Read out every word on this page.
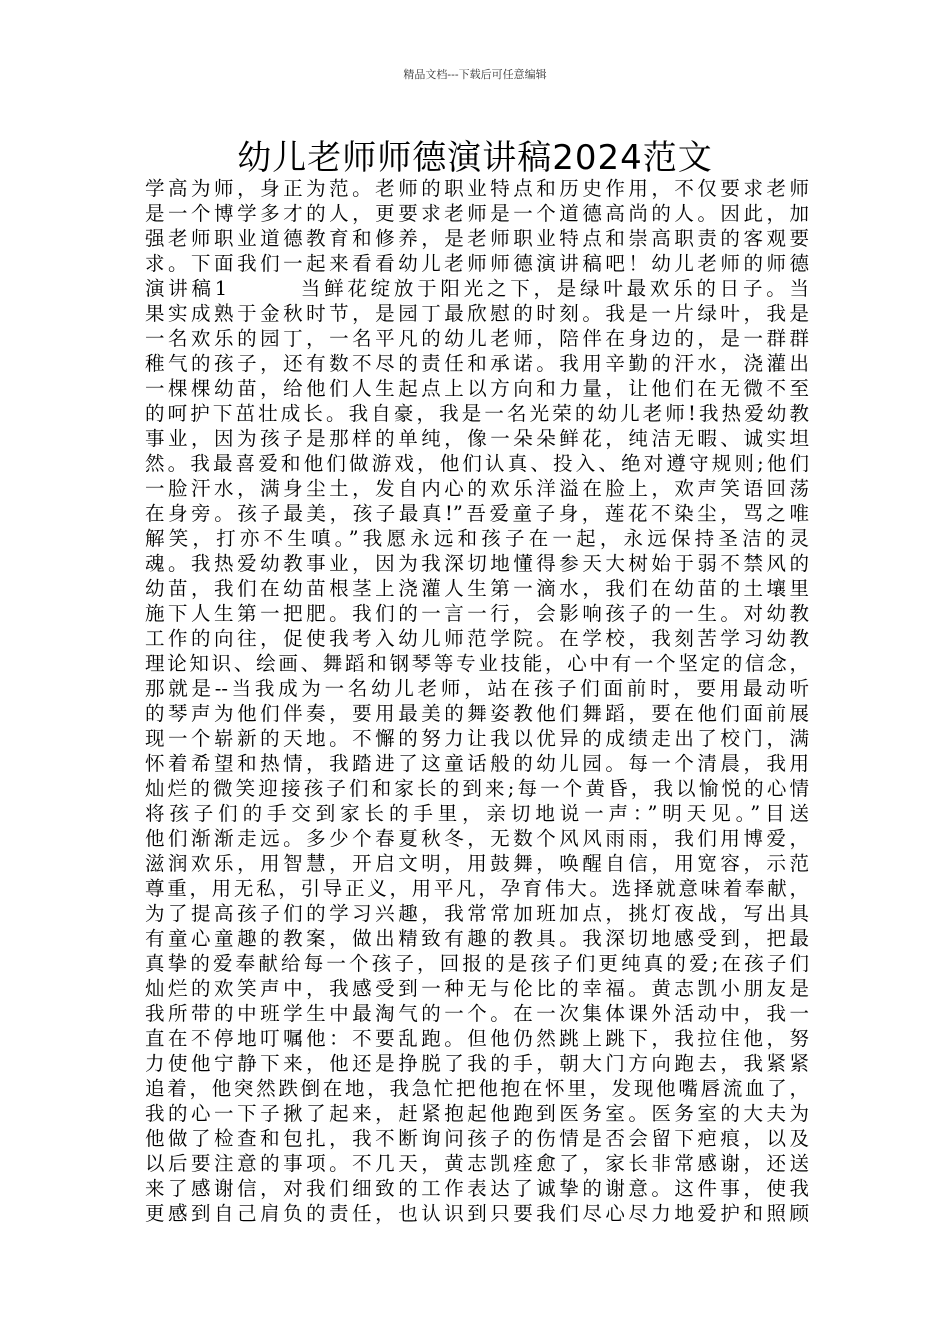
精品文档---下载后可任意编辑
幼儿老师师德演讲稿2024范文
学高为师，身正为范。老师的职业特点和历史作用，不仅要求老师
是一个博学多才的人，更要求老师是一个道德高尚的人。因此，加
强老师职业道德教育和修养，是老师职业特点和崇高职责的客观要
求。下面我们一起来看看幼儿老师师德演讲稿吧！幼儿老师的师德
演讲稿1　　　当鲜花绽放于阳光之下，是绿叶最欢乐的日子。当
果实成熟于金秋时节，是园丁最欣慰的时刻。我是一片绿叶，我是
一名欢乐的园丁，一名平凡的幼儿老师，陪伴在身边的，是一群群
稚气的孩子，还有数不尽的责任和承诺。我用辛勤的汗水，浇灌出
一棵棵幼苗，给他们人生起点上以方向和力量，让他们在无微不至
的呵护下茁壮成长。我自豪，我是一名光荣的幼儿老师!我热爱幼教
事业，因为孩子是那样的单纯，像一朵朵鲜花，纯洁无暇、诚实坦
然。我最喜爱和他们做游戏，他们认真、投入、绝对遵守规则;他们
一脸汗水，满身尘土，发自内心的欢乐洋溢在脸上，欢声笑语回荡
在身旁。孩子最美，孩子最真!”吾爱童子身，莲花不染尘，骂之唯
解笑，打亦不生嗔。”我愿永远和孩子在一起，永远保持圣洁的灵
魂。我热爱幼教事业，因为我深切地懂得参天大树始于弱不禁风的
幼苗，我们在幼苗根茎上浇灌人生第一滴水，我们在幼苗的土壤里
施下人生第一把肥。我们的一言一行，会影响孩子的一生。对幼教
工作的向往，促使我考入幼儿师范学院。在学校，我刻苦学习幼教
理论知识、绘画、舞蹈和钢琴等专业技能，心中有一个坚定的信念，
那就是--当我成为一名幼儿老师，站在孩子们面前时，要用最动听
的琴声为他们伴奏，要用最美的舞姿教他们舞蹈，要在他们面前展
现一个崭新的天地。不懈的努力让我以优异的成绩走出了校门，满
怀着希望和热情，我踏进了这童话般的幼儿园。每一个清晨，我用
灿烂的微笑迎接孩子们和家长的到来;每一个黄昏，我以愉悦的心情
将孩子们的手交到家长的手里，亲切地说一声：”明天见。”目送
他们渐渐走远。多少个春夏秋冬，无数个风风雨雨，我们用博爱，
滋润欢乐，用智慧，开启文明，用鼓舞，唤醒自信，用宽容，示范
尊重，用无私，引导正义，用平凡，孕育伟大。选择就意味着奉献，
为了提高孩子们的学习兴趣，我常常加班加点，挑灯夜战，写出具
有童心童趣的教案，做出精致有趣的教具。我深切地感受到，把最
真挚的爱奉献给每一个孩子，回报的是孩子们更纯真的爱;在孩子们
灿烂的欢笑声中，我感受到一种无与伦比的幸福。黄志凯小朋友是
我所带的中班学生中最淘气的一个。在一次集体课外活动中，我一
直在不停地叮嘱他：不要乱跑。但他仍然跳上跳下，我拉住他，努
力使他宁静下来，他还是挣脱了我的手，朝大门方向跑去，我紧紧
追着，他突然跌倒在地，我急忙把他抱在怀里，发现他嘴唇流血了，
我的心一下子揪了起来，赶紧抱起他跑到医务室。医务室的大夫为
他做了检查和包扎，我不断询问孩子的伤情是否会留下疤痕，以及
以后要注意的事项。不几天，黄志凯痊愈了，家长非常感谢，还送
来了感谢信，对我们细致的工作表达了诚挚的谢意。这件事，使我
更感到自己肩负的责任，也认识到只要我们尽心尽力地爱护和照顾
